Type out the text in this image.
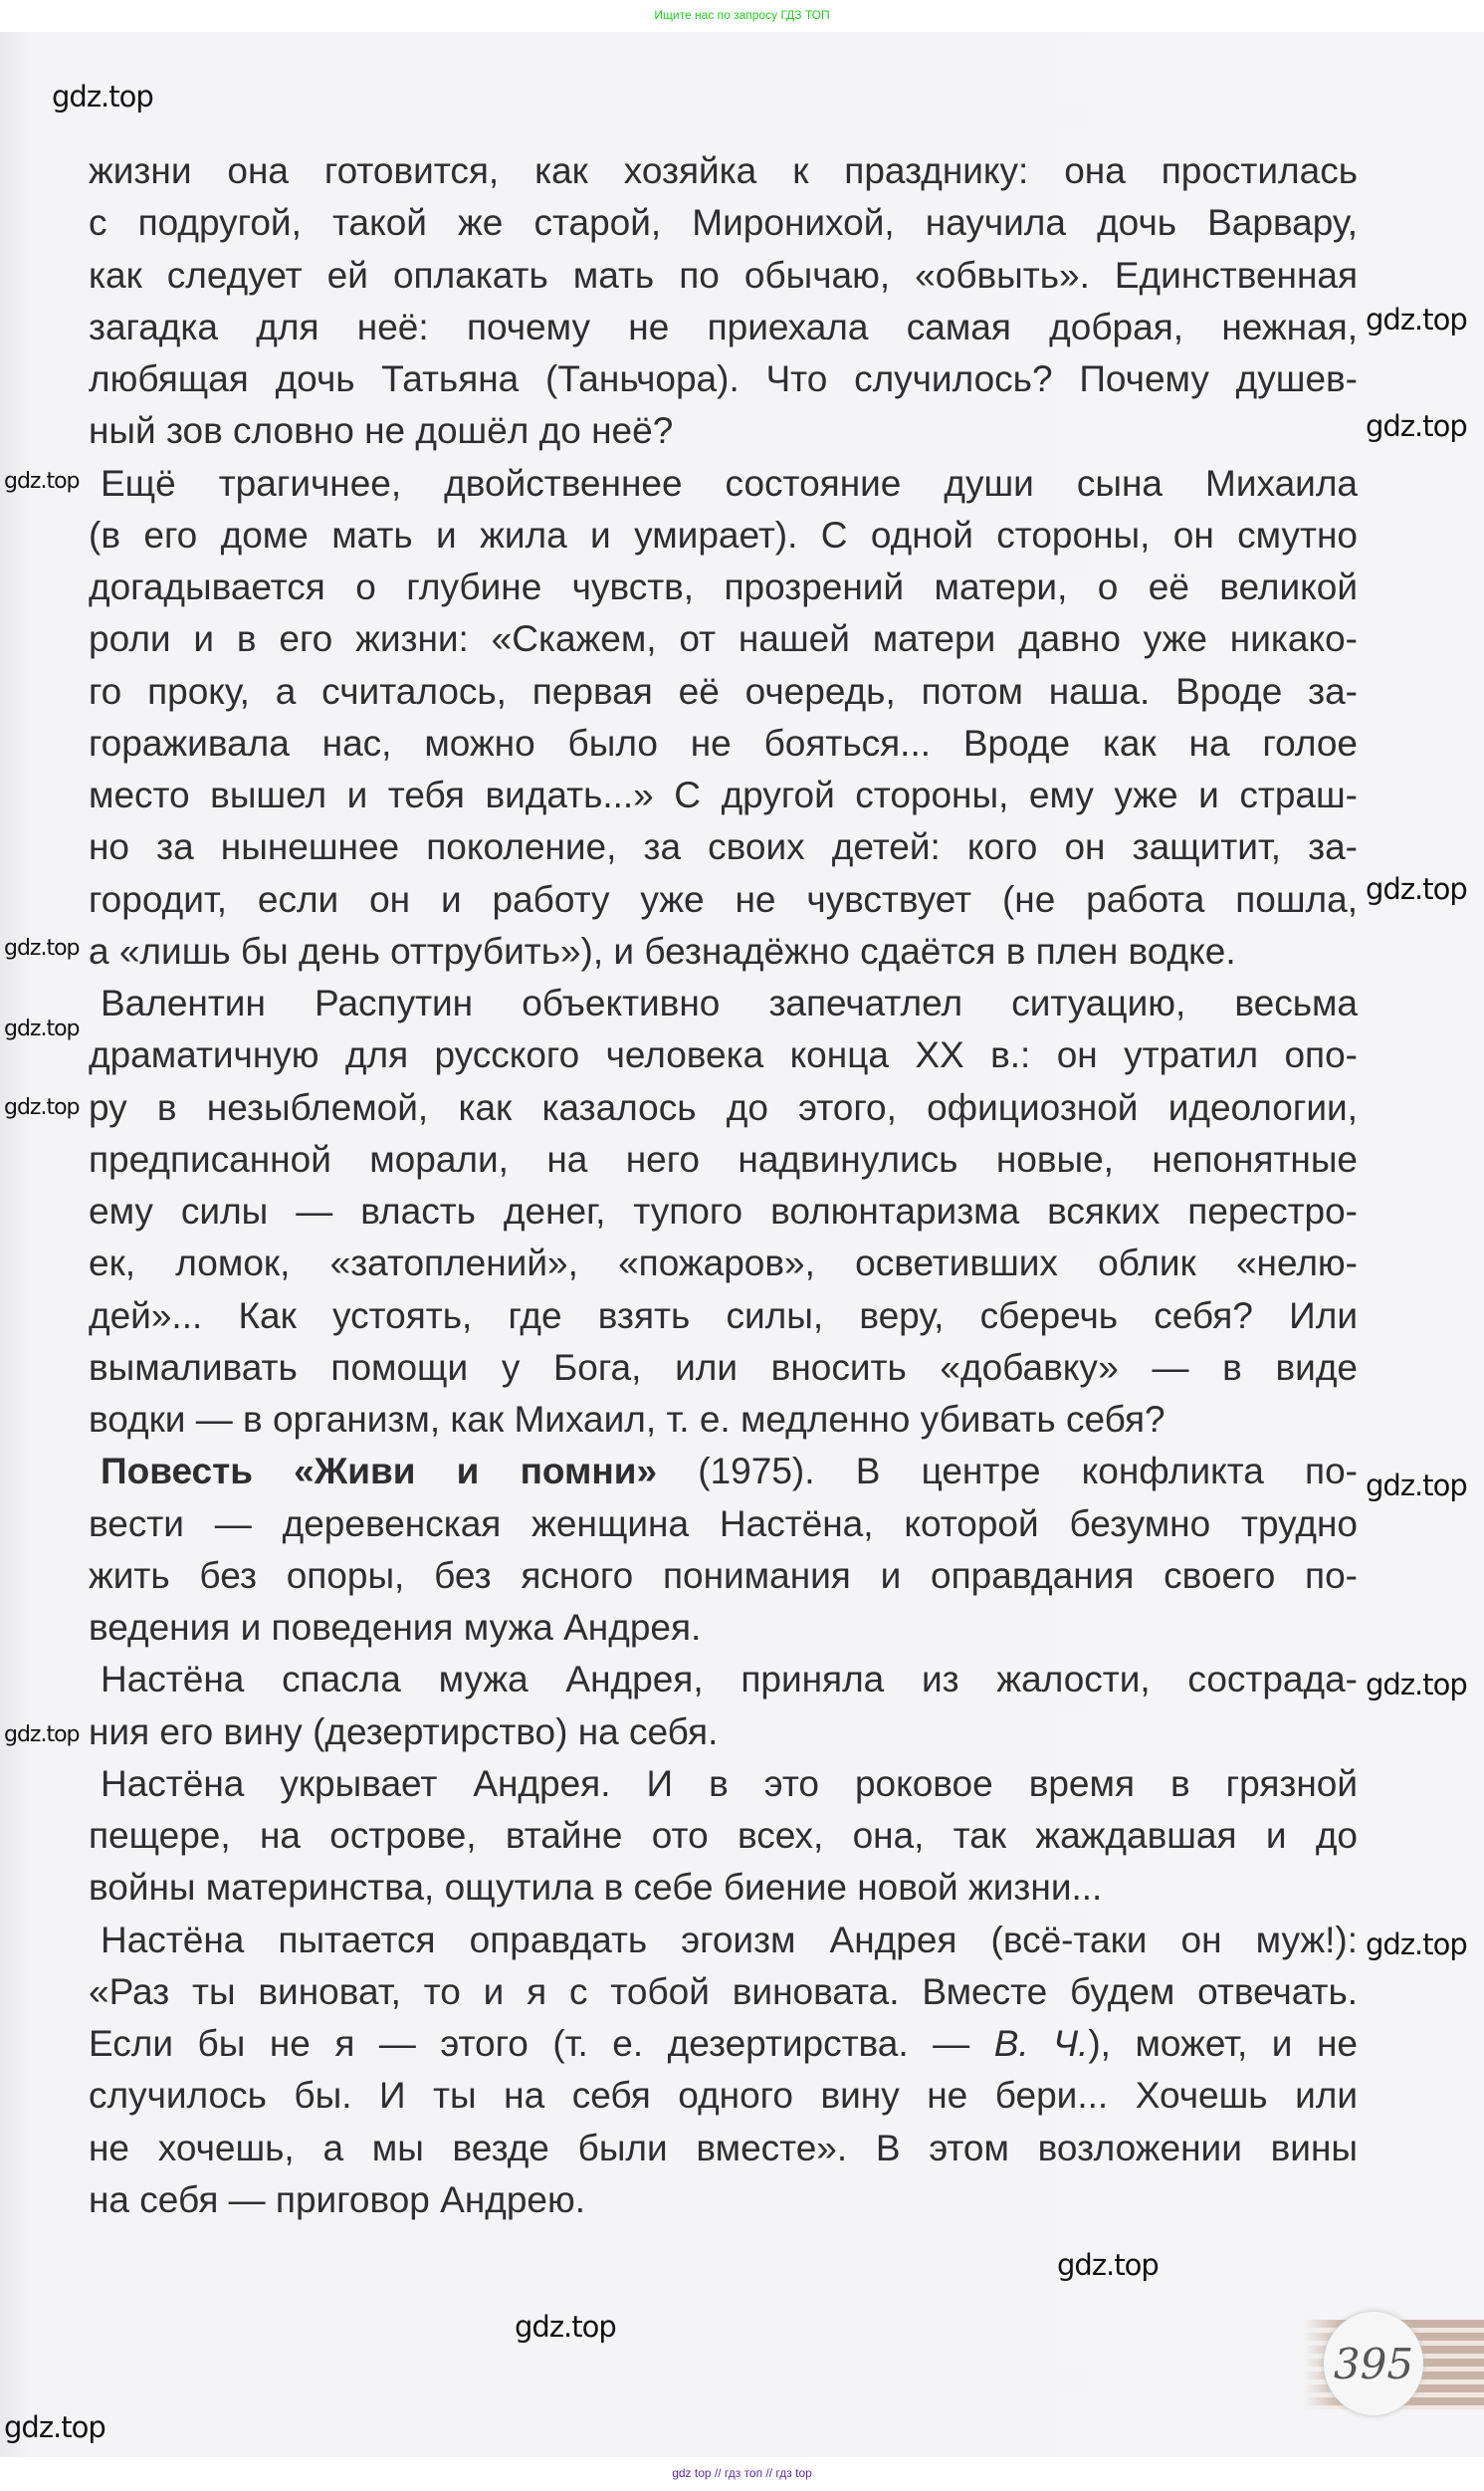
Ищите нас по запросу ГДЗ ТОП
жизни она готовится, как хозяйка к празднику: она простилась
с подругой, такой же старой, Миронихой, научила дочь Варвару,
как следует ей оплакать мать по обычаю, «обвыть». Единственная
загадка для неё: почему не приехала самая добрая, нежная,
любящая дочь Татьяна (Таньчора). Что случилось? Почему душев-
ный зов словно не дошёл до неё?
Ещё трагичнее, двойственнее состояние души сына Михаила
(в его доме мать и жила и умирает). С одной стороны, он смутно
догадывается о глубине чувств, прозрений матери, о её великой
роли и в его жизни: «Скажем, от нашей матери давно уже никако-
го проку, а считалось, первая её очередь, потом наша. Вроде за-
гораживала нас, можно было не бояться... Вроде как на голое
место вышел и тебя видать...» С другой стороны, ему уже и страш-
но за нынешнее поколение, за своих детей: кого он защитит, за-
городит, если он и работу уже не чувствует (не работа пошла,
а «лишь бы день оттрубить»), и безнадёжно сдаётся в плен водке.
Валентин Распутин объективно запечатлел ситуацию, весьма
драматичную для русского человека конца XX в.: он утратил опо-
ру в незыблемой, как казалось до этого, официозной идеологии,
предписанной морали, на него надвинулись новые, непонятные
ему силы — власть денег, тупого волюнтаризма всяких перестро-
ек, ломок, «затоплений», «пожаров», осветивших облик «нелю-
дей»... Как устоять, где взять силы, веру, сберечь себя? Или
вымаливать помощи у Бога, или вносить «добавку» — в виде
водки — в организм, как Михаил, т. е. медленно убивать себя?
Повесть «Живи и помни» (1975). В центре конфликта по-
вести — деревенская женщина Настёна, которой безумно трудно
жить без опоры, без ясного понимания и оправдания своего по-
ведения и поведения мужа Андрея.
Настёна спасла мужа Андрея, приняла из жалости, сострада-
ния его вину (дезертирство) на себя.
Настёна укрывает Андрея. И в это роковое время в грязной
пещере, на острове, втайне ото всех, она, так жаждавшая и до
войны материнства, ощутила в себе биение новой жизни...
Настёна пытается оправдать эгоизм Андрея (всё-таки он муж!):
«Раз ты виноват, то и я с тобой виновата. Вместе будем отвечать.
Если бы не я — этого (т. е. дезертирства. — В. Ч.), может, и не
случилось бы. И ты на себя одного вину не бери... Хочешь или
не хочешь, а мы везде были вместе». В этом возложении вины
на себя — приговор Андрею.
gdz.top
gdz.top
gdz.top
gdz.top
gdz.top
gdz.top
gdz.top
gdz.top
gdz.top
gdz.top
gdz.top
gdz.top
gdz.top
gdz.top
gdz.top
395
gdz top // гдз топ // гдз top
